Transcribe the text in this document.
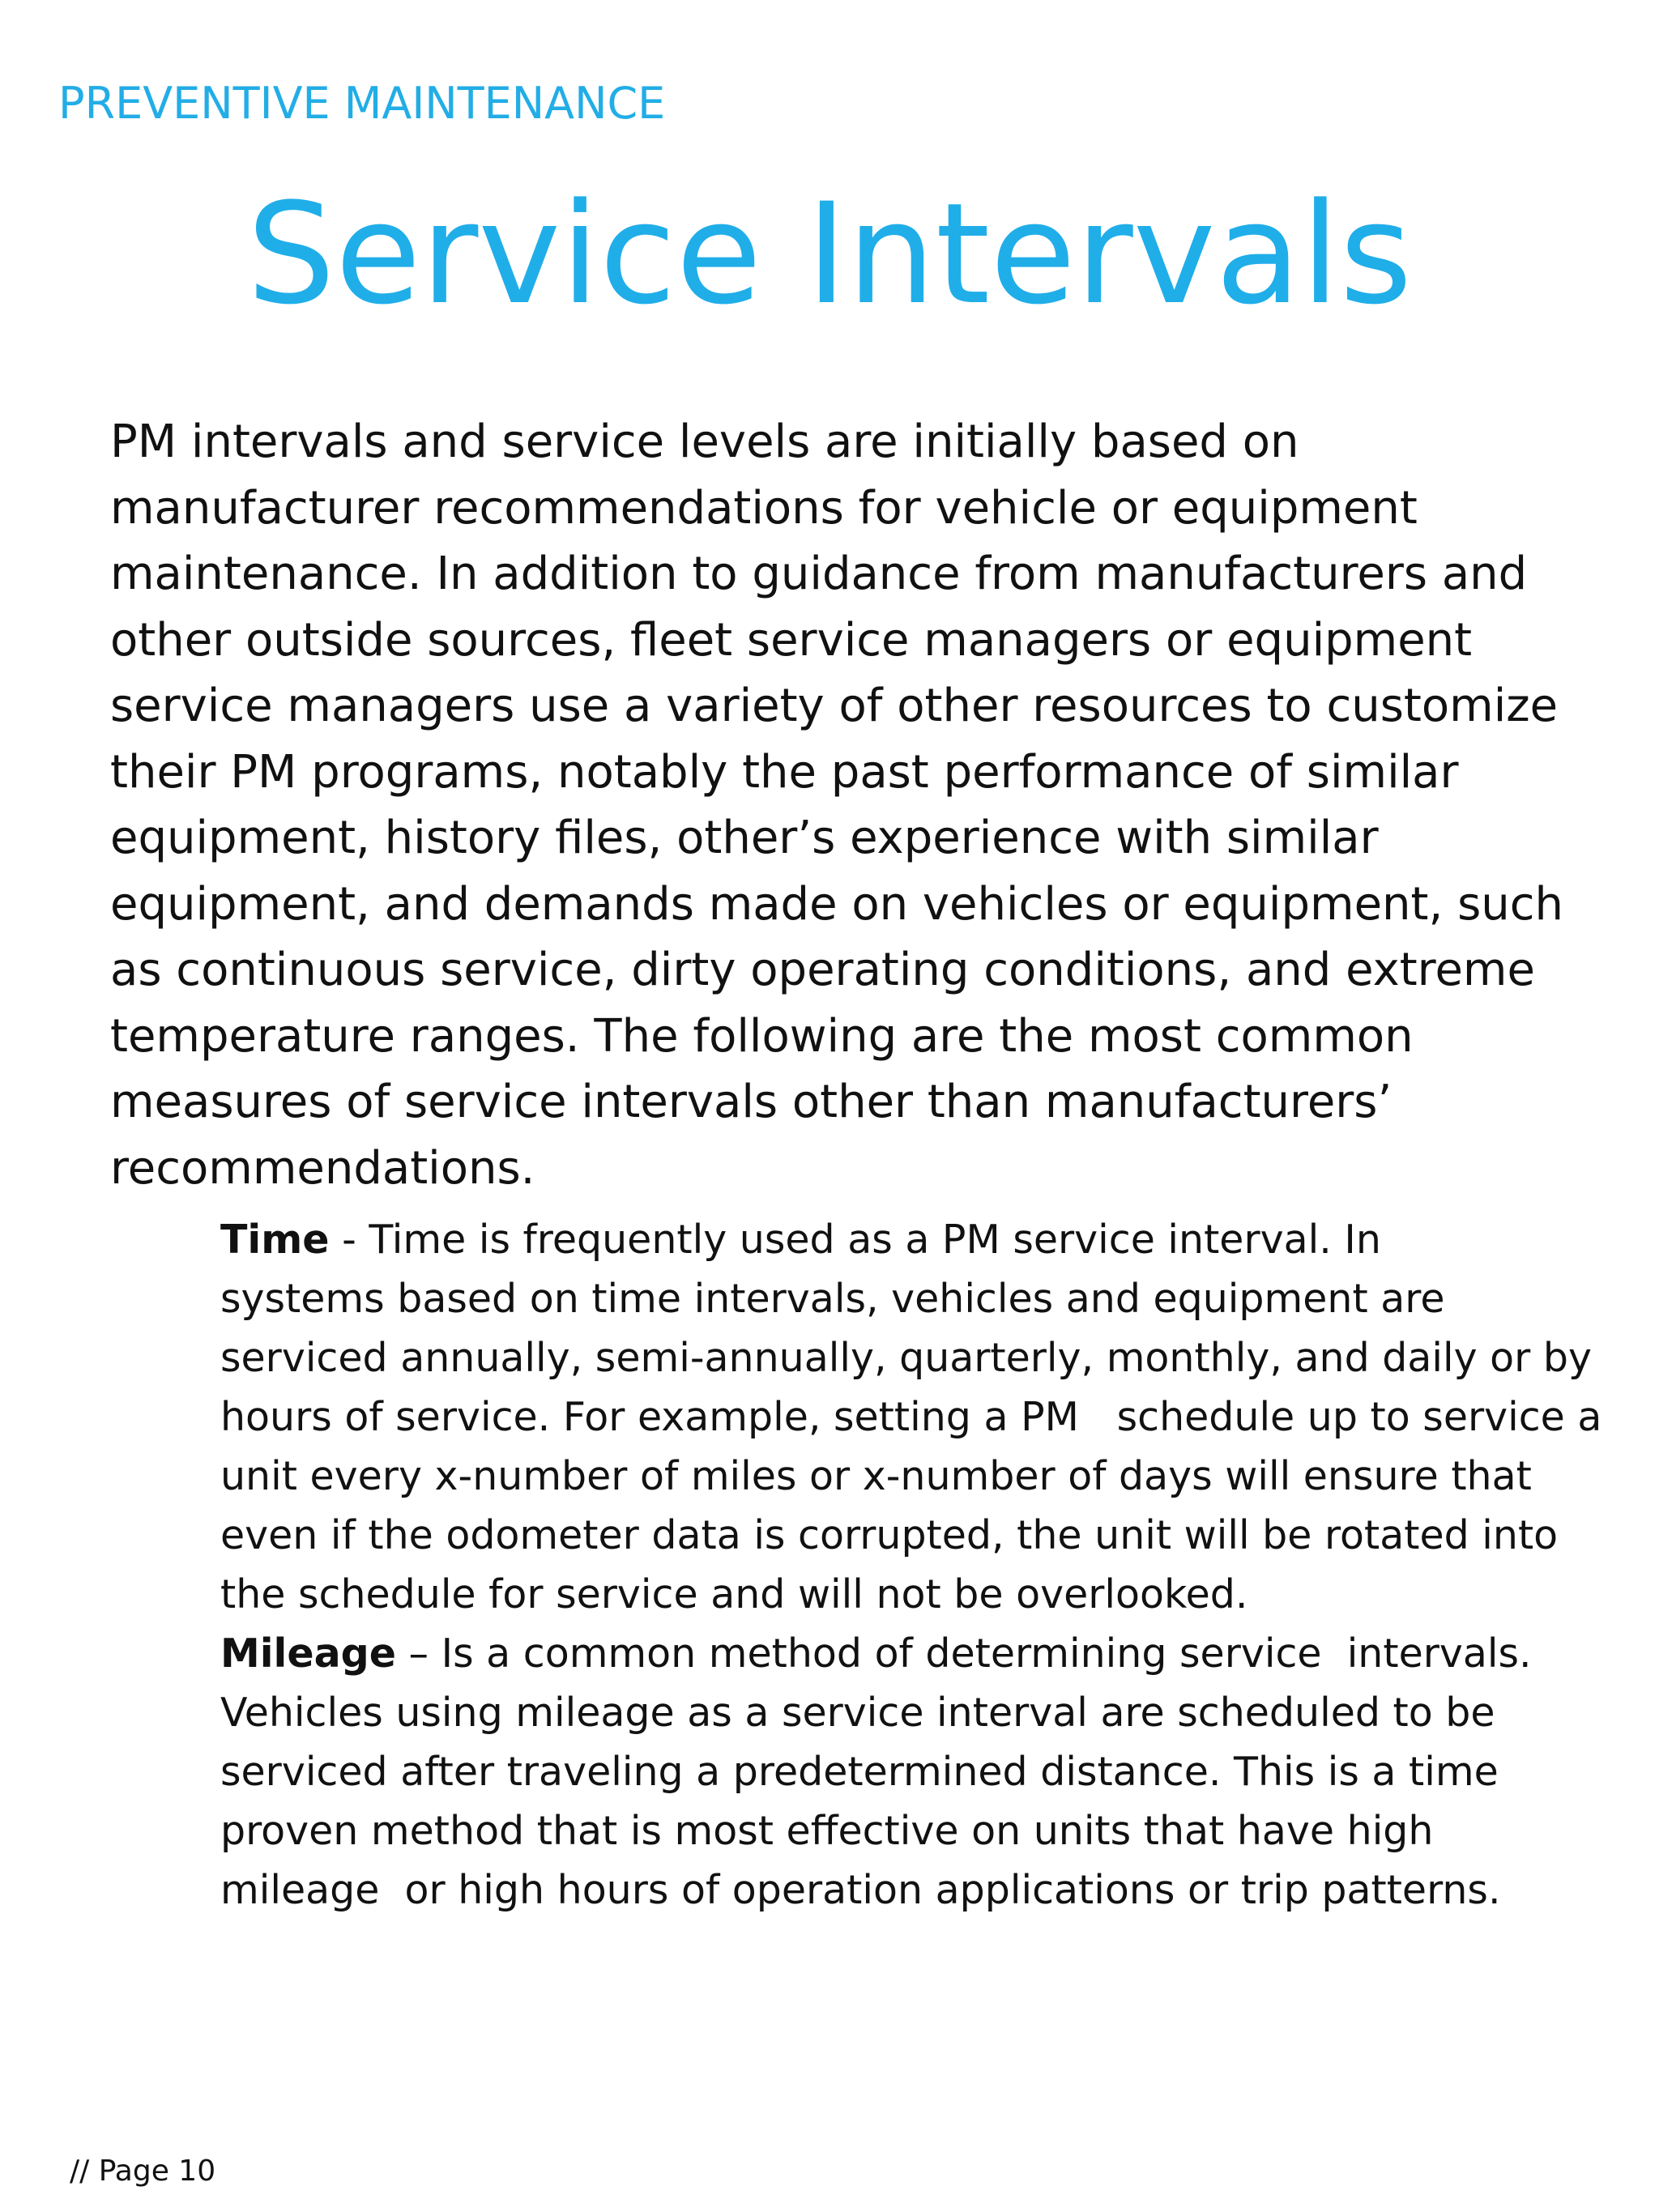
PREVENTIVE MAINTENANCE
Service Intervals
PM intervals and service levels are initially based on
manufacturer recommendations for vehicle or equipment
maintenance. In addition to guidance from manufacturers and
other outside sources, fleet service managers or equipment
service managers use a variety of other resources to customize
their PM programs, notably the past performance of similar
equipment, history files, other’s experience with similar
equipment, and demands made on vehicles or equipment, such
as continuous service, dirty operating conditions, and extreme
temperature ranges. The following are the most common
measures of service intervals other than manufacturers’
recommendations.
Time - Time is frequently used as a PM service interval. In
systems based on time intervals, vehicles and equipment are
serviced annually, semi-annually, quarterly, monthly, and daily or by
hours of service. For example, setting a PM   schedule up to service a
unit every x-number of miles or x-number of days will ensure that
even if the odometer data is corrupted, the unit will be rotated into
the schedule for service and will not be overlooked.
Mileage – Is a common method of determining service  intervals.
Vehicles using mileage as a service interval are scheduled to be
serviced after traveling a predetermined distance. This is a time
proven method that is most effective on units that have high
mileage  or high hours of operation applications or trip patterns.
// Page 10
